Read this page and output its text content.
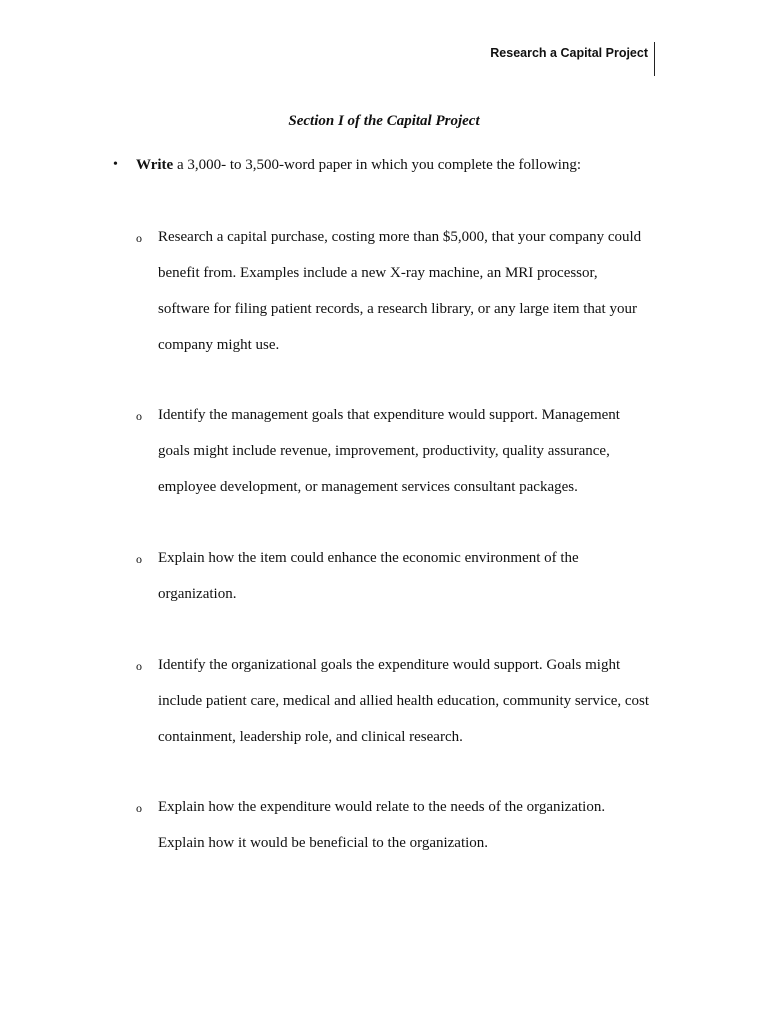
Research a Capital Project
Section I of the Capital Project
• Write a 3,000- to 3,500-word paper in which you complete the following:
o Research a capital purchase, costing more than $5,000, that your company could
benefit from. Examples include a new X-ray machine, an MRI processor,
software for filing patient records, a research library, or any large item that your
company might use.
o Identify the management goals that expenditure would support. Management
goals might include revenue, improvement, productivity, quality assurance,
employee development, or management services consultant packages.
o Explain how the item could enhance the economic environment of the
organization.
o Identify the organizational goals the expenditure would support. Goals might
include patient care, medical and allied health education, community service, cost
containment, leadership role, and clinical research.
o Explain how the expenditure would relate to the needs of the organization.
Explain how it would be beneficial to the organization.
